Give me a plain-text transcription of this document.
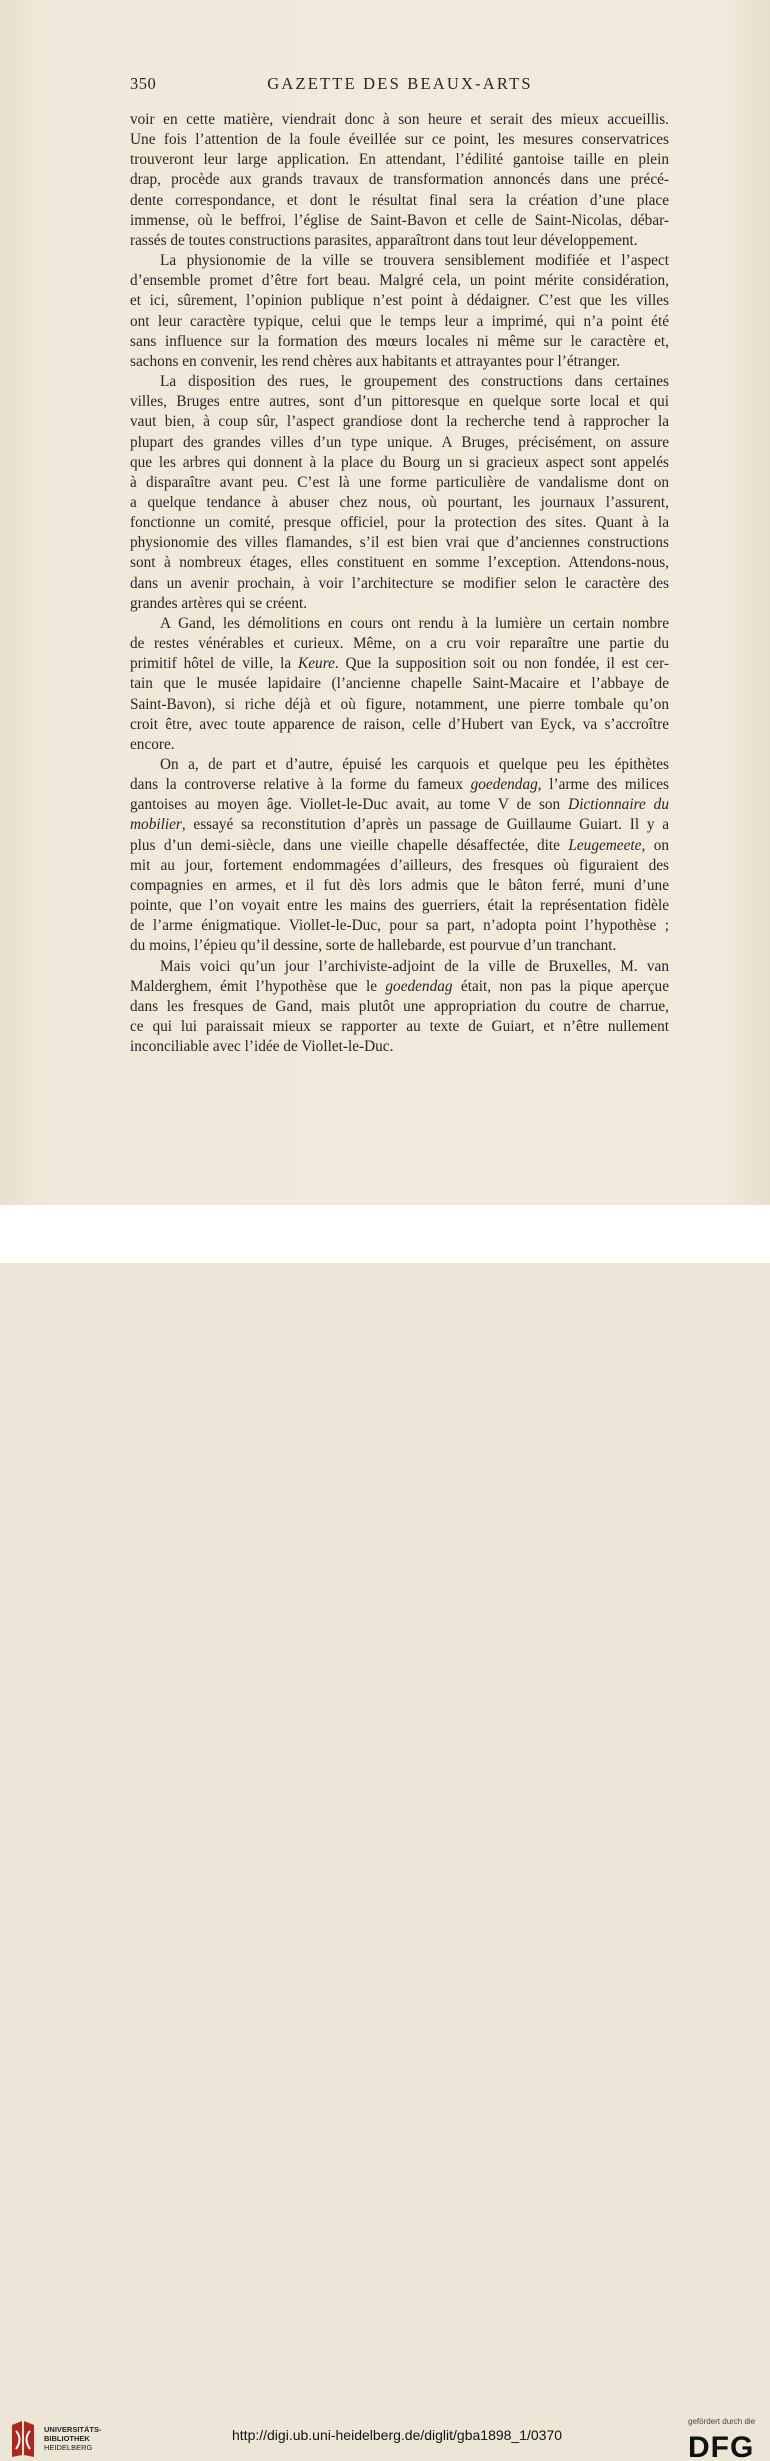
350	GAZETTE DES BEAUX-ARTS

voir en cette matière, viendrait donc à son heure et serait des mieux accueillis.
Une fois l’attention de la foule éveillée sur ce point, les mesures conservatrices
trouveront leur large application. En attendant, l’édilité gantoise taille en plein
drap, procède aux grands travaux de transformation annoncés dans une précé-
dente correspondance, et dont le résultat final sera la création d’une place
immense, où le beffroi, l’église de Saint-Bavon et celle de Saint-Nicolas, débar-
rassés de toutes constructions parasites, apparaîtront dans tout leur développement.

La physionomie de la ville se trouvera sensiblement modifiée et l’aspect
d’ensemble promet d’être fort beau. Malgré cela, un point mérite considération,
et ici, sûrement, l’opinion publique n’est point à dédaigner. C’est que les villes
ont leur caractère typique, celui que le temps leur a imprimé, qui n’a point été
sans influence sur la formation des mœurs locales ni même sur le caractère et,
sachons en convenir, les rend chères aux habitants et attrayantes pour l’étranger.

La disposition des rues, le groupement des constructions dans certaines
villes, Bruges entre autres, sont d’un pittoresque en quelque sorte local et qui
vaut bien, à coup sûr, l’aspect grandiose dont la recherche tend à rapprocher la
plupart des grandes villes d’un type unique. A Bruges, précisément, on assure
que les arbres qui donnent à la place du Bourg un si gracieux aspect sont appelés
à disparaître avant peu. C’est là une forme particulière de vandalisme dont on
a quelque tendance à abuser chez nous, où pourtant, les journaux l’assurent,
fonctionne un comité, presque officiel, pour la protection des sites. Quant à la
physionomie des villes flamandes, s’il est bien vrai que d’anciennes constructions
sont à nombreux étages, elles constituent en somme l’exception. Attendons-nous,
dans un avenir prochain, à voir l’architecture se modifier selon le caractère des
grandes artères qui se créent.

A Gand, les démolitions en cours ont rendu à la lumière un certain nombre
de restes vénérables et curieux. Même, on a cru voir reparaître une partie du
primitif hôtel de ville, la Keure. Que la supposition soit ou non fondée, il est cer-
tain que le musée lapidaire (l’ancienne chapelle Saint-Macaire et l’abbaye de
Saint-Bavon), si riche déjà et où figure, notamment, une pierre tombale qu’on
croit être, avec toute apparence de raison, celle d’Hubert van Eyck, va s’accroître
encore.

On a, de part et d’autre, épuisé les carquois et quelque peu les épithètes
dans la controverse relative à la forme du fameux goedendag, l’arme des milices
gantoises au moyen âge. Viollet-le-Duc avait, au tome V de son Dictionnaire du
mobilier, essayé sa reconstitution d’après un passage de Guillaume Guiart. Il y a
plus d’un demi-siècle, dans une vieille chapelle désaffectée, dite Leugemeete, on
mit au jour, fortement endommagées d’ailleurs, des fresques où figuraient des
compagnies en armes, et il fut dès lors admis que le bâton ferré, muni d’une
pointe, que l’on voyait entre les mains des guerriers, était la représentation fidèle
de l’arme énigmatique. Viollet-le-Duc, pour sa part, n’adopta point l’hypothèse ;
du moins, l’épieu qu’il dessine, sorte de hallebarde, est pourvue d’un tranchant.

Mais voici qu’un jour l’archiviste-adjoint de la ville de Bruxelles, M. van
Malderghem, émit l’hypothèse que le goedendag était, non pas la pique aperçue
dans les fresques de Gand, mais plutôt une appropriation du coutre de charrue,
ce qui lui paraissait mieux se rapporter au texte de Guiart, et n’être nullement
inconciliable avec l’idée de Viollet-le-Duc.

UNIVERSITÄTS-
BIBLIOTHEK
HEIDELBERG
http://digi.ub.uni-heidelberg.de/diglit/gba1898_1/0370
gefördert durch die
DFG
